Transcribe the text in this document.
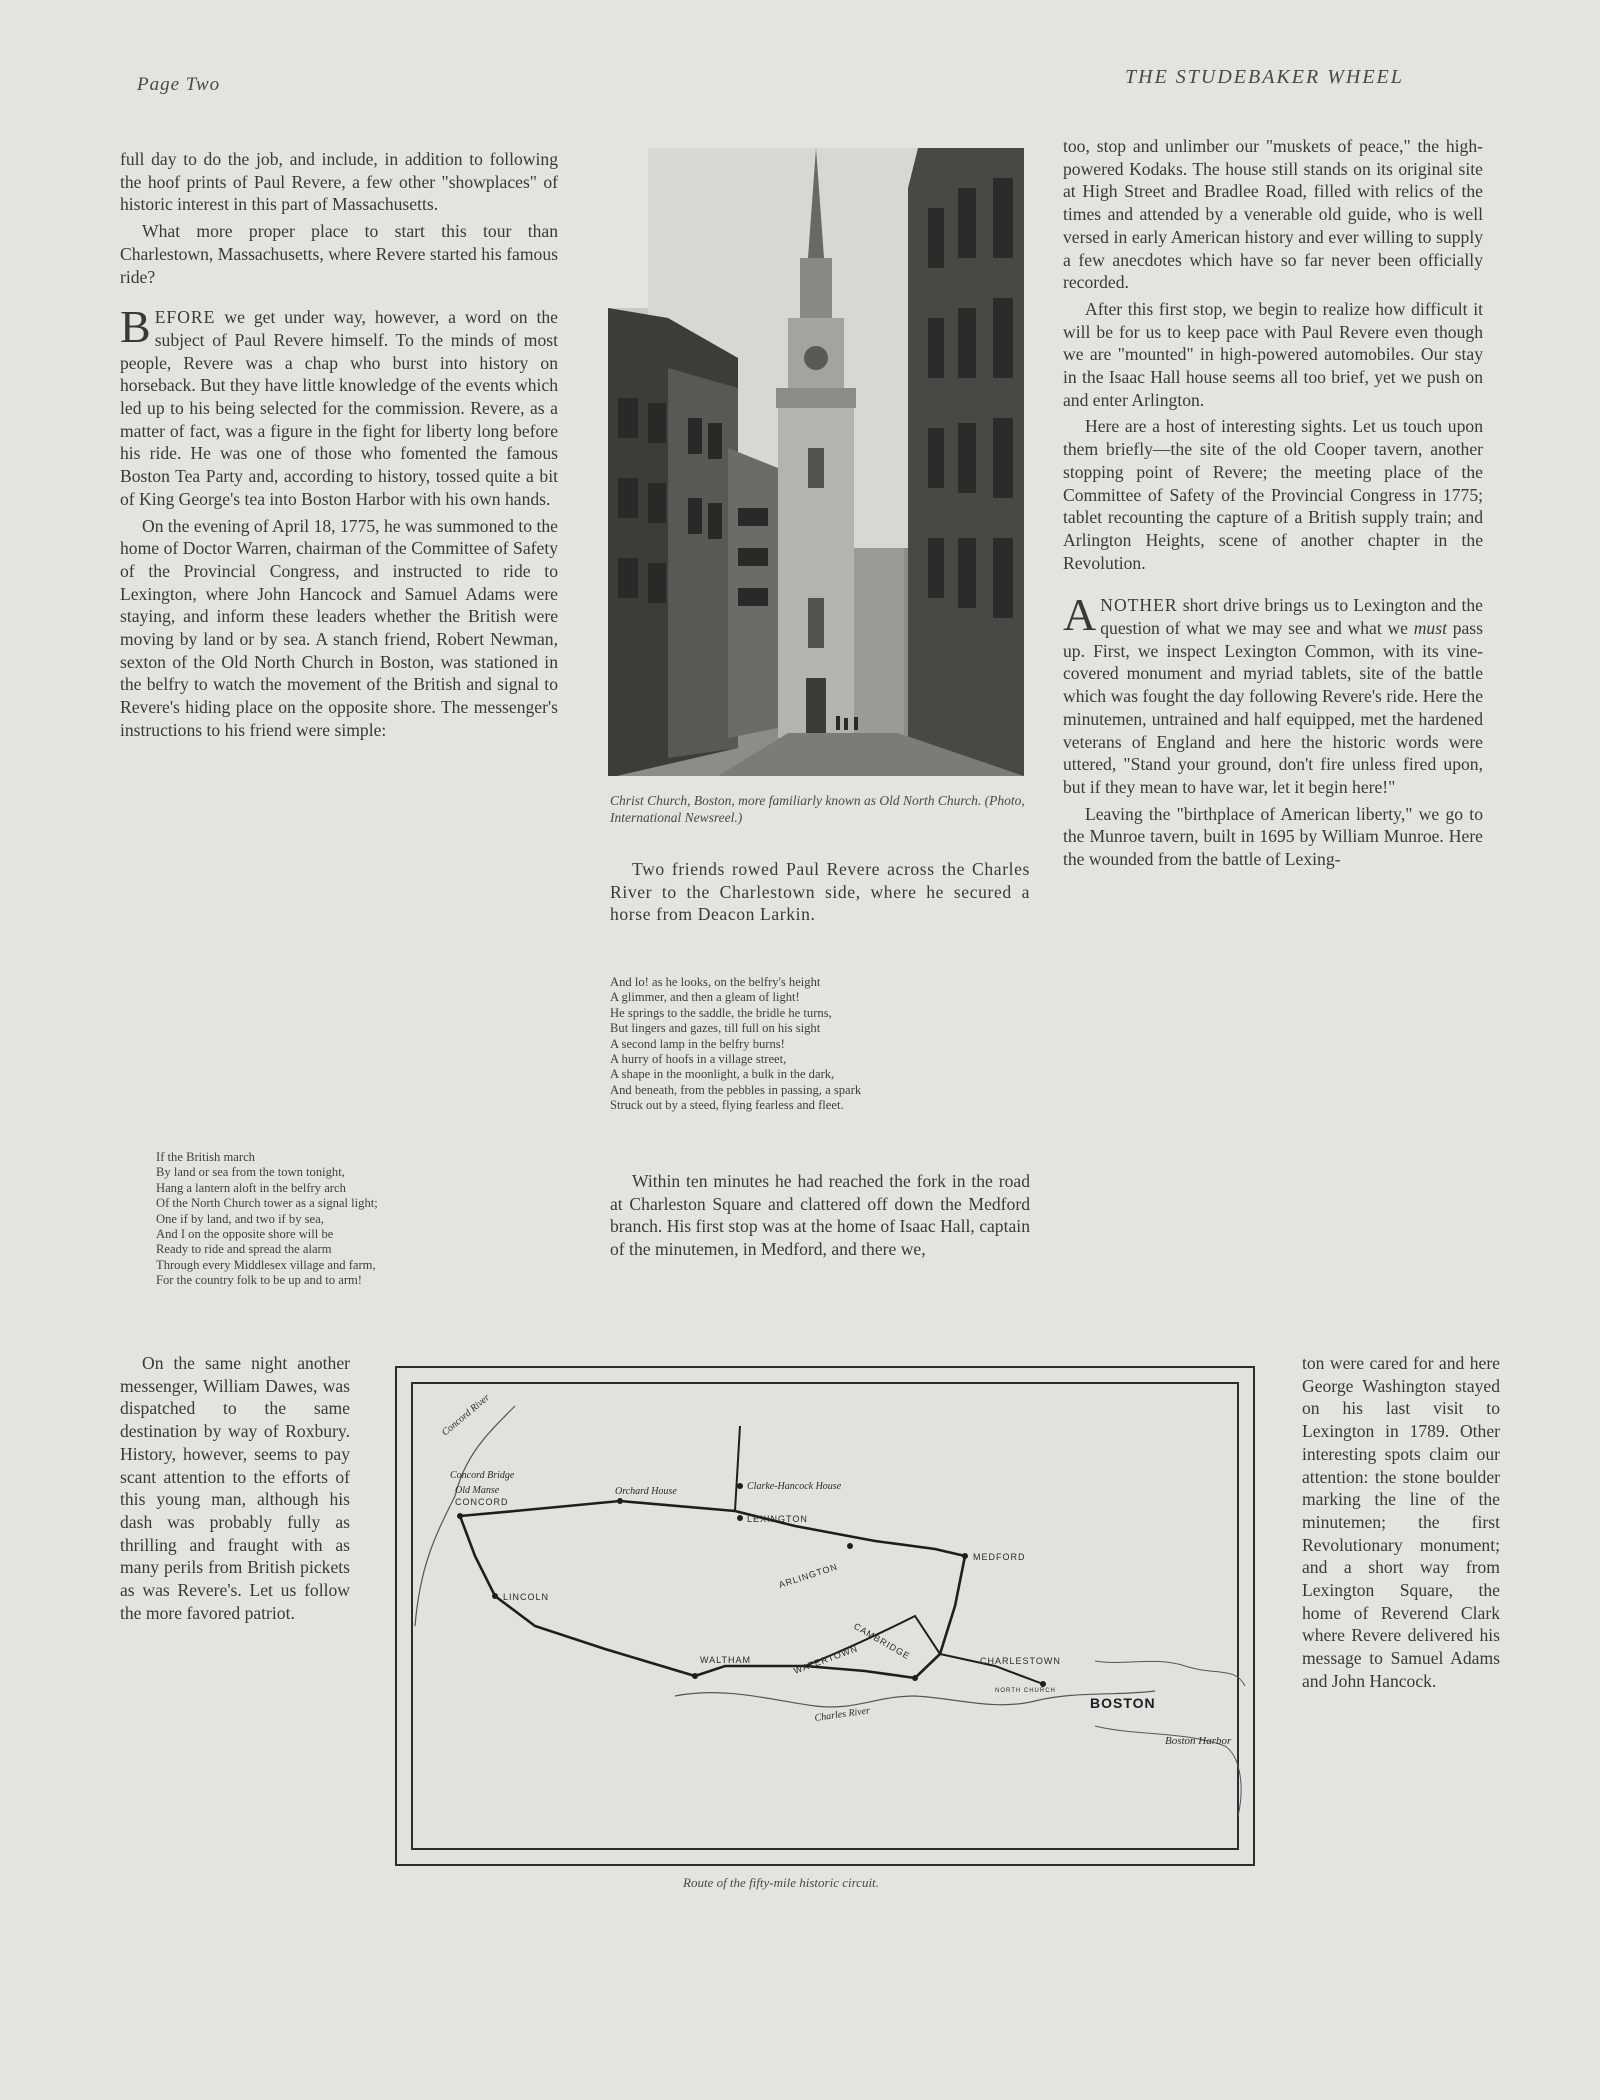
Page Two	THE STUDEBAKER WHEEL

full day to do the job, and include, in addition to following the hoof prints of Paul Revere, a few other "showplaces" of historic interest in this part of Massachusetts.

What more proper place to start this tour than Charlestown, Massachusetts, where Revere started his famous ride?

BEFORE we get under way, however, a word on the subject of Paul Revere himself. To the minds of most people, Revere was a chap who burst into history on horseback. But they have little knowledge of the events which led up to his being selected for the commission. Revere, as a matter of fact, was a figure in the fight for liberty long before his ride. He was one of those who fomented the famous Boston Tea Party and, according to history, tossed quite a bit of King George's tea into Boston Harbor with his own hands.

On the evening of April 18, 1775, he was summoned to the home of Doctor Warren, chairman of the Committee of Safety of the Provincial Congress, and instructed to ride to Lexington, where John Hancock and Samuel Adams were staying, and inform these leaders whether the British were moving by land or by sea. A stanch friend, Robert Newman, sexton of the Old North Church in Boston, was stationed in the belfry to watch the movement of the British and signal to Revere's hiding place on the opposite shore. The messenger's instructions to his friend were simple:

If the British march
By land or sea from the town tonight,
Hang a lantern aloft in the belfry arch
Of the North Church tower as a signal light;
One if by land, and two if by sea,
And I on the opposite shore will be
Ready to ride and spread the alarm
Through every Middlesex village and farm,
For the country folk to be up and to arm!

On the same night another messenger, William Dawes, was dispatched to the same destination by way of Roxbury. History, however, seems to pay scant attention to the efforts of this young man, although his dash was probably fully as thrilling and fraught with as many perils from British pickets as was Revere's. Let us follow the more favored patriot.

Christ Church, Boston, more familiarly known as Old North Church. (Photo, International Newsreel.)

Two friends rowed Paul Revere across the Charles River to the Charlestown side, where he secured a horse from Deacon Larkin.

And lo! as he looks, on the belfry's height
A glimmer, and then a gleam of light!
He springs to the saddle, the bridle he turns,
But lingers and gazes, till full on his sight
A second lamp in the belfry burns!
A hurry of hoofs in a village street,
A shape in the moonlight, a bulk in the dark,
And beneath, from the pebbles in passing, a spark
Struck out by a steed, flying fearless and fleet.

Within ten minutes he had reached the fork in the road at Charleston Square and clattered off down the Medford branch. His first stop was at the home of Isaac Hall, captain of the minutemen, in Medford, and there we,

too, stop and unlimber our "muskets of peace," the high-powered Kodaks. The house still stands on its original site at High Street and Bradlee Road, filled with relics of the times and attended by a venerable old guide, who is well versed in early American history and ever willing to supply a few anecdotes which have so far never been officially recorded.

After this first stop, we begin to realize how difficult it will be for us to keep pace with Paul Revere even though we are "mounted" in high-powered automobiles. Our stay in the Isaac Hall house seems all too brief, yet we push on and enter Arlington.

Here are a host of interesting sights. Let us touch upon them briefly—the site of the old Cooper tavern, another stopping point of Revere; the meeting place of the Committee of Safety of the Provincial Congress in 1775; tablet recounting the capture of a British supply train; and Arlington Heights, scene of another chapter in the Revolution.

ANOTHER short drive brings us to Lexington and the question of what we may see and what we must pass up. First, we inspect Lexington Common, with its vine-covered monument and myriad tablets, site of the battle which was fought the day following Revere's ride. Here the minutemen, untrained and half equipped, met the hardened veterans of England and here the historic words were uttered, "Stand your ground, don't fire unless fired upon, but if they mean to have war, let it begin here!"

Leaving the "birthplace of American liberty," we go to the Munroe tavern, built in 1695 by William Munroe. Here the wounded from the battle of Lexing-

ton were cared for and here George Washington stayed on his last visit to Lexington in 1789. Other interesting spots claim our attention: the stone boulder marking the line of the minutemen; the first Revolutionary monument; and a short way from Lexington Square, the home of Reverend Clark where Revere delivered his message to Samuel Adams and John Hancock.

Concord River
Concord Bridge
Old Manse
CONCORD
Orchard House	Clarke-Hancock House
LEXINGTON
MEDFORD
ARLINGTON
LINCOLN
CAMBRIDGE
WALTHAM	WATERTOWN	CHARLESTOWN
NORTH CHURCH
Charles River
BOSTON
Boston Harbor
Route of the fifty-mile historic circuit.
